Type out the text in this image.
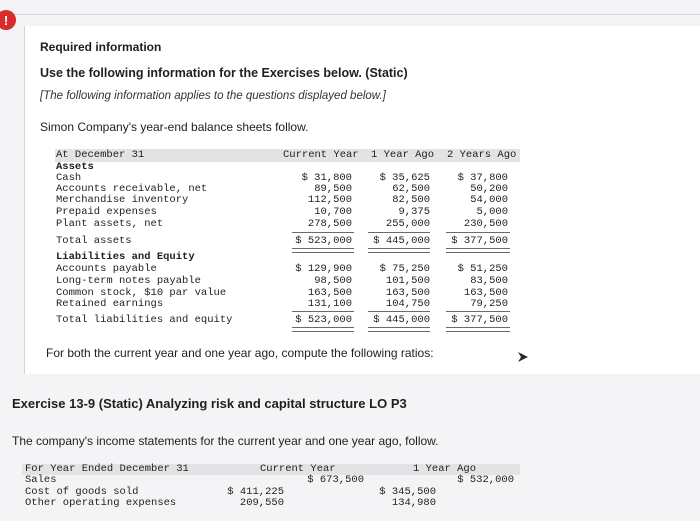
!
Required information
Use the following information for the Exercises below. (Static)
[The following information applies to the questions displayed below.]
Simon Company's year-end balance sheets follow.
At December 31	Current Year 1 Year Ago 2 Years Ago
Assets
Cash	$ 31,800	$ 35,625	$ 37,800
Accounts receivable, net	89,500	62,500	50,200
Merchandise inventory	112,500	82,500	54,000
Prepaid expenses	10,700	9,375	5,000
Plant assets, net	278,500	255,000	230,500
Total assets	$ 523,000	$ 445,000	$ 377,500
Liabilities and Equity
Accounts payable	$ 129,900	$ 75,250	$ 51,250
Long-term notes payable	98,500	101,500	83,500
Common stock, $10 par value	163,500	163,500	163,500
Retained earnings	131,100	104,750	79,250
Total liabilities and equity	$ 523,000	$ 445,000	$ 377,500
For both the current year and one year ago, compute the following ratios:
Exercise 13-9 (Static) Analyzing risk and capital structure LO P3
The company's income statements for the current year and one year ago, follow.
For Year Ended December 31	Current Year	1 Year Ago
Sales	$ 673,500	$ 532,000
Cost of goods sold	$ 411,225	$ 345,500
Other operating expenses	209,550	134,980
